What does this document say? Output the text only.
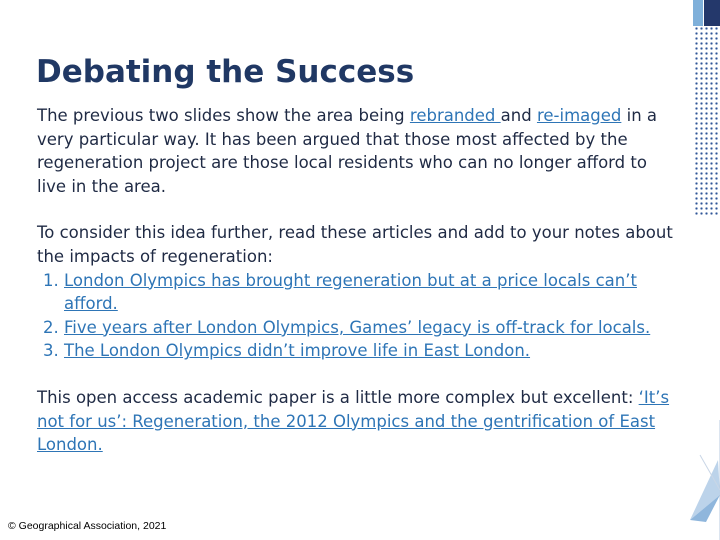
Debating the Success

The previous two slides show the area being rebranded and re-imaged in a very particular way. It has been argued that those most affected by the regeneration project are those local residents who can no longer afford to live in the area.

To consider this idea further, read these articles and add to your notes about the impacts of regeneration:

1. London Olympics has brought regeneration but at a price locals can’t afford.
2. Five years after London Olympics, Games’ legacy is off-track for locals.
3. The London Olympics didn’t improve life in East London.

This open access academic paper is a little more complex but excellent: ‘It’s not for us’: Regeneration, the 2012 Olympics and the gentrification of East London.

© Geographical Association, 2021
